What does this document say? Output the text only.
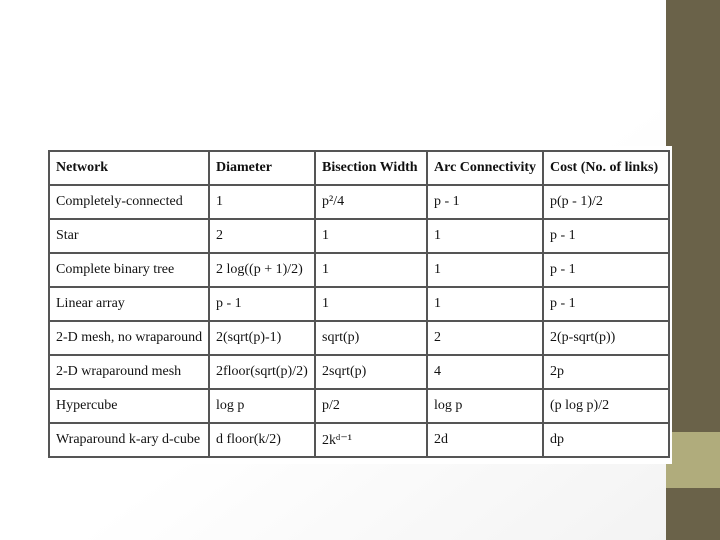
Network	Diameter	Bisection Width	Arc Connectivity	Cost (No. of links)
Completely-connected	1	p²/4	p - 1	p(p - 1)/2
Star	2	1	1	p - 1
Complete binary tree	2 log((p + 1)/2)	1	1	p - 1
Linear array	p - 1	1	1	p - 1
2-D mesh, no wraparound	2(sqrt(p)-1)	sqrt(p)	2	2(p-sqrt(p))
2-D wraparound mesh	2floor(sqrt(p)/2)	2sqrt(p)	4	2p
Hypercube	log p	p/2	log p	(p log p)/2
Wraparound k-ary d-cube	d floor(k/2)	2kᵈ⁻¹	2d	dp
